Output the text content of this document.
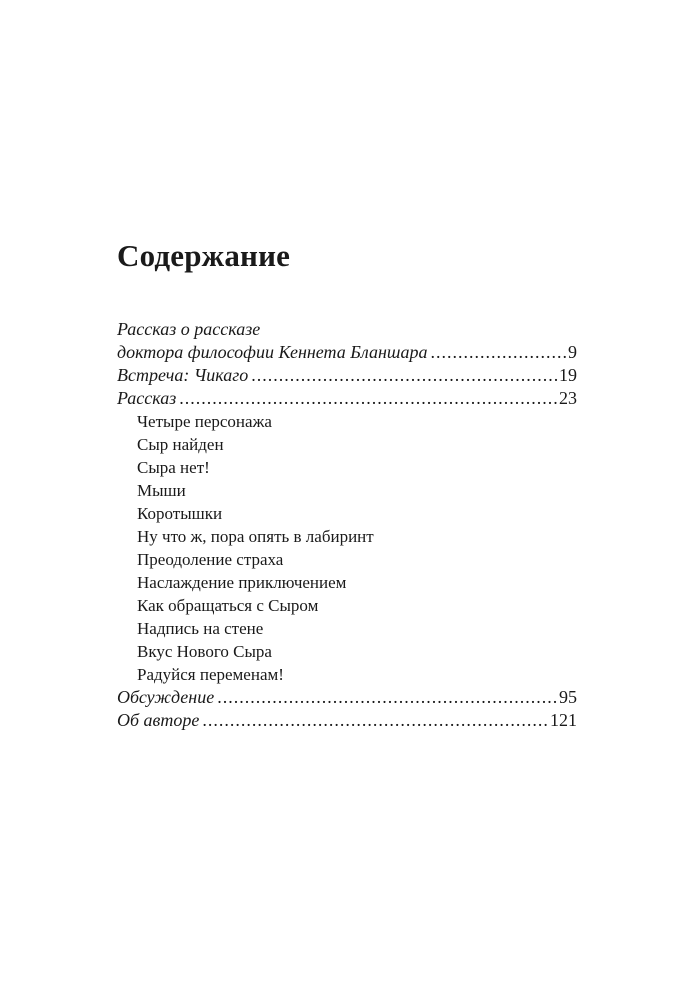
Содержание
Рассказ о рассказе
доктора философии Кеннета Бланшара .....	9
Встреча: Чикаго .....	19
Рассказ .....	23
Четыре персонажа
Сыр найден
Сыра нет!
Мыши
Коротышки
Ну что ж, пора опять в лабиринт
Преодоление страха
Наслаждение приключением
Как обращаться с Сыром
Надпись на стене
Вкус Нового Сыра
Радуйся переменам!
Обсуждение .....	95
Об авторе .....	121
